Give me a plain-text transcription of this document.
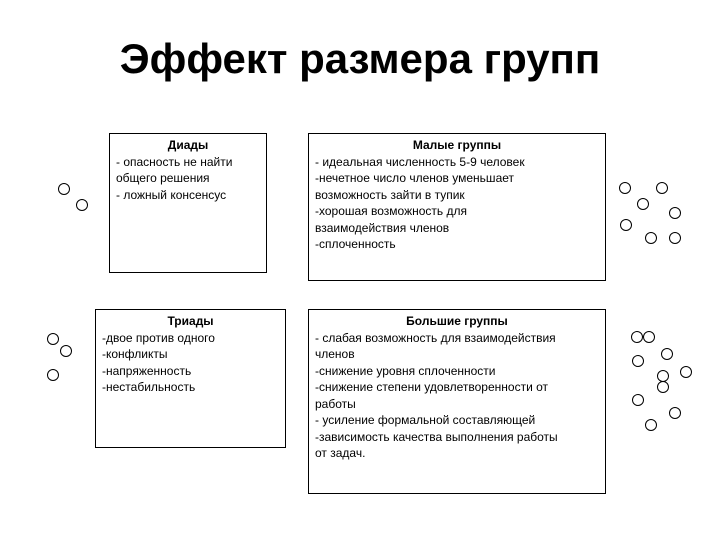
Эффект размера групп
Диады
- опасность не найти
общего решения
- ложный консенсус
Малые группы
- идеальная численность 5-9 человек
-нечетное число членов уменьшает
возможность зайти в тупик
-хорошая возможность для
взаимодействия членов
-сплоченность
Триады
-двое против одного
-конфликты
-напряженность
-нестабильность
Большие группы
- слабая возможность для взаимодействия
членов
-снижение уровня сплоченности
-снижение степени удовлетворенности от
работы
- усиление формальной составляющей
-зависимость качества выполнения работы
от задач.
